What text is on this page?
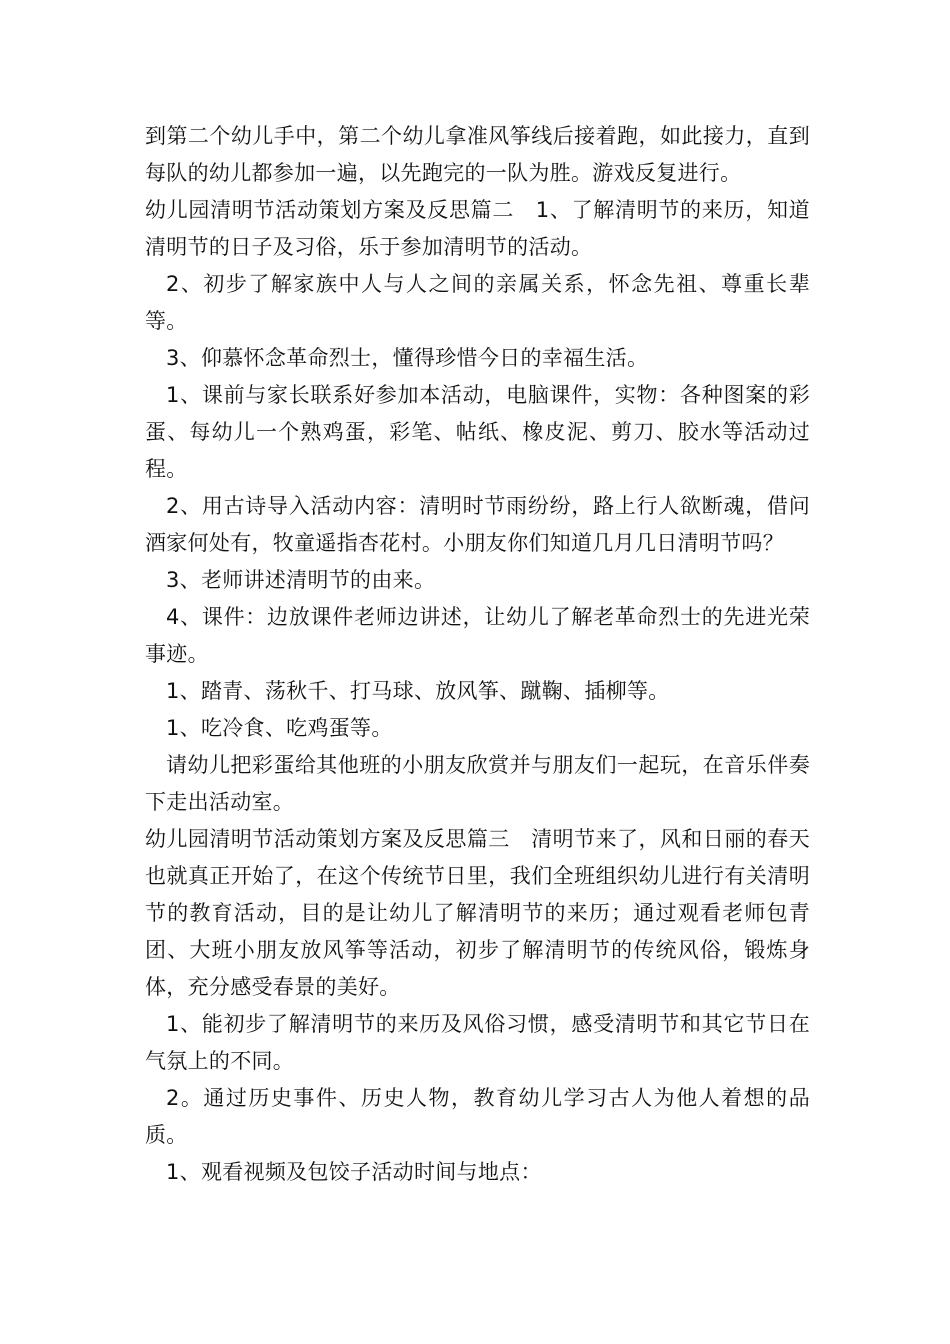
到第二个幼儿手中，第二个幼儿拿准风筝线后接着跑，如此接力，直到每队的幼儿都参加一遍，以先跑完的一队为胜。游戏反复进行。

幼儿园清明节活动策划方案及反思篇二　1、了解清明节的来历，知道清明节的日子及习俗，乐于参加清明节的活动。

2、初步了解家族中人与人之间的亲属关系，怀念先祖、尊重长辈等。

3、仰慕怀念革命烈士，懂得珍惜今日的幸福生活。

1、课前与家长联系好参加本活动，电脑课件，实物：各种图案的彩蛋、每幼儿一个熟鸡蛋，彩笔、帖纸、橡皮泥、剪刀、胶水等活动过程。

2、用古诗导入活动内容：清明时节雨纷纷，路上行人欲断魂，借问酒家何处有，牧童遥指杏花村。小朋友你们知道几月几日清明节吗？

3、老师讲述清明节的由来。

4、课件：边放课件老师边讲述，让幼儿了解老革命烈士的先进光荣事迹。

1、踏青、荡秋千、打马球、放风筝、蹴鞠、插柳等。

1、吃冷食、吃鸡蛋等。

请幼儿把彩蛋给其他班的小朋友欣赏并与朋友们一起玩，在音乐伴奏下走出活动室。

幼儿园清明节活动策划方案及反思篇三　清明节来了，风和日丽的春天也就真正开始了，在这个传统节日里，我们全班组织幼儿进行有关清明节的教育活动，目的是让幼儿了解清明节的来历；通过观看老师包青团、大班小朋友放风筝等活动，初步了解清明节的传统风俗，锻炼身体，充分感受春景的美好。

1、能初步了解清明节的来历及风俗习惯，感受清明节和其它节日在气氛上的不同。

2。通过历史事件、历史人物，教育幼儿学习古人为他人着想的品质。

1、观看视频及包饺子活动时间与地点：
